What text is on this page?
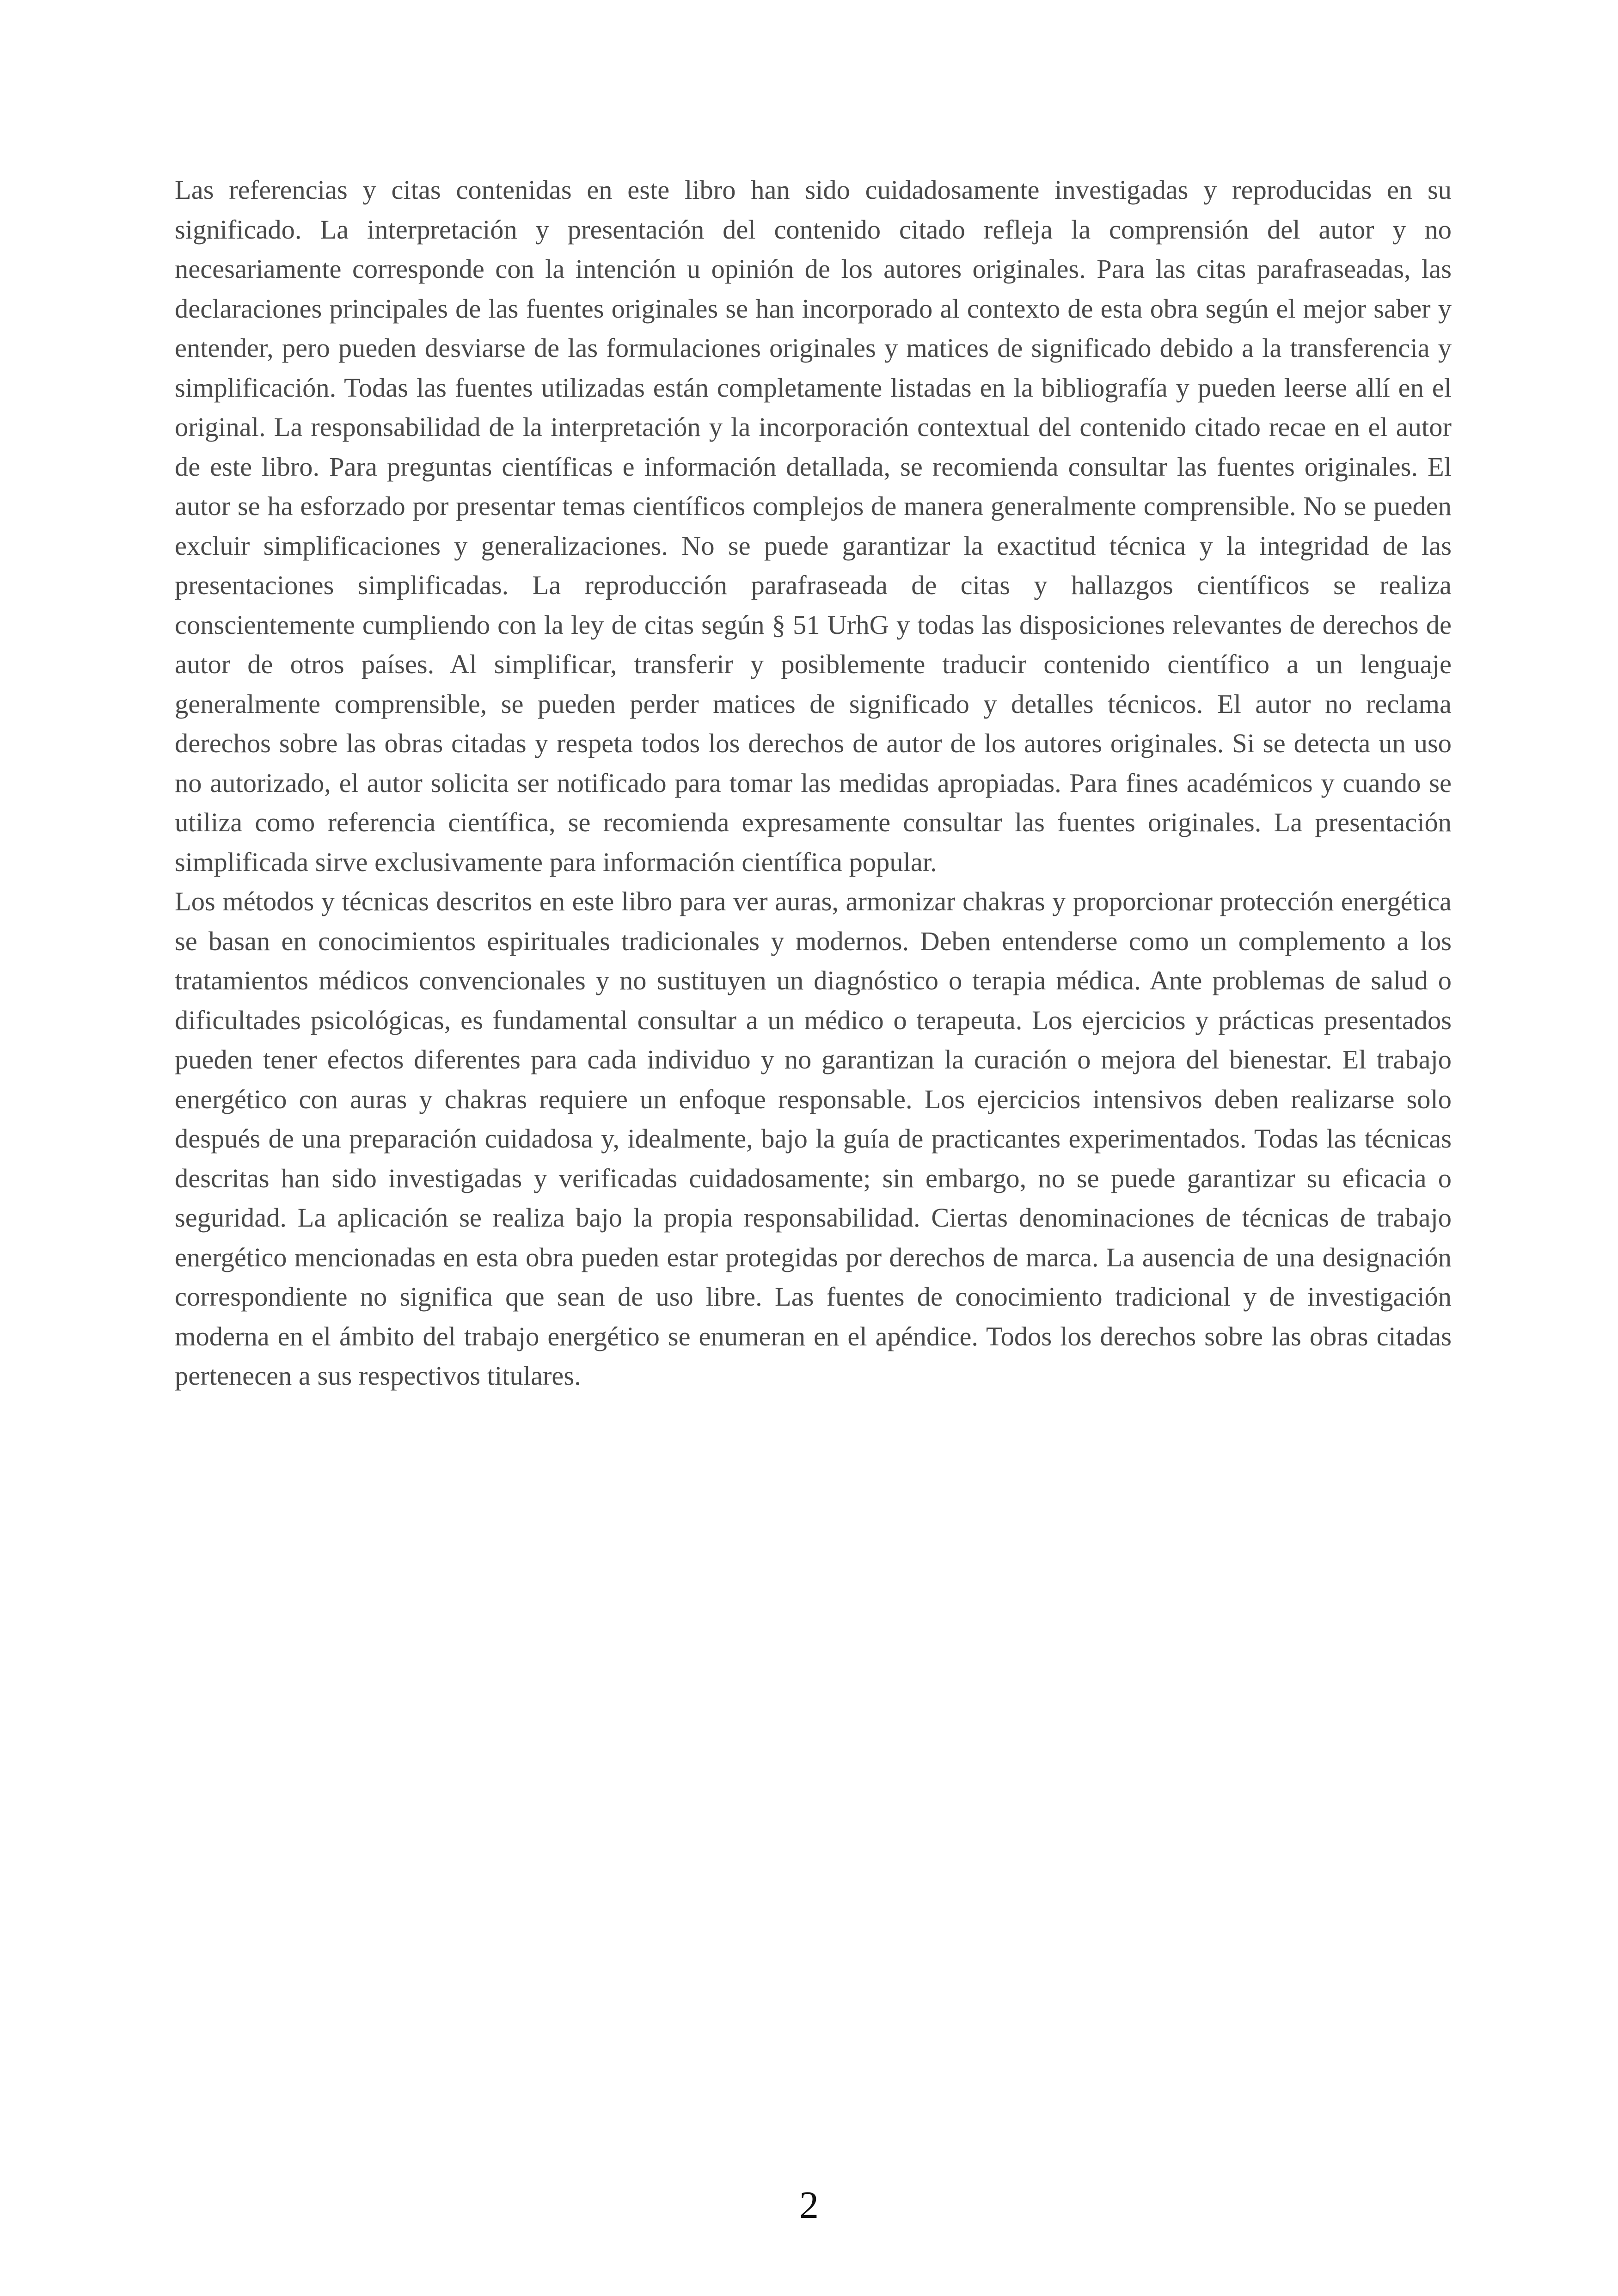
Las referencias y citas contenidas en este libro han sido cuidadosamente investigadas y reproducidas en su significado. La interpretación y presentación del contenido citado refleja la comprensión del autor y no necesariamente corresponde con la intención u opinión de los autores originales. Para las citas parafraseadas, las declaraciones principales de las fuentes originales se han incorporado al contexto de esta obra según el mejor saber y entender, pero pueden desviarse de las formulaciones originales y matices de significado debido a la transferencia y simplificación. Todas las fuentes utilizadas están completamente listadas en la bibliografía y pueden leerse allí en el original. La responsabilidad de la interpretación y la incorporación contextual del contenido citado recae en el autor de este libro. Para preguntas científicas e información detallada, se recomienda consultar las fuentes originales. El autor se ha esforzado por presentar temas científicos complejos de manera generalmente comprensible. No se pueden excluir simplificaciones y generalizaciones. No se puede garantizar la exactitud técnica y la integridad de las presentaciones simplificadas. La reproducción parafraseada de citas y hallazgos científicos se realiza conscientemente cumpliendo con la ley de citas según § 51 UrhG y todas las disposiciones relevantes de derechos de autor de otros países. Al simplificar, transferir y posiblemente traducir contenido científico a un lenguaje generalmente comprensible, se pueden perder matices de significado y detalles técnicos. El autor no reclama derechos sobre las obras citadas y respeta todos los derechos de autor de los autores originales. Si se detecta un uso no autorizado, el autor solicita ser notificado para tomar las medidas apropiadas. Para fines académicos y cuando se utiliza como referencia científica, se recomienda expresamente consultar las fuentes originales. La presentación simplificada sirve exclusivamente para información científica popular.

Los métodos y técnicas descritos en este libro para ver auras, armonizar chakras y proporcionar protección energética se basan en conocimientos espirituales tradicionales y modernos. Deben entenderse como un complemento a los tratamientos médicos convencionales y no sustituyen un diagnóstico o terapia médica. Ante problemas de salud o dificultades psicológicas, es fundamental consultar a un médico o terapeuta. Los ejercicios y prácticas presentados pueden tener efectos diferentes para cada individuo y no garantizan la curación o mejora del bienestar. El trabajo energético con auras y chakras requiere un enfoque responsable. Los ejercicios intensivos deben realizarse solo después de una preparación cuidadosa y, idealmente, bajo la guía de practicantes experimentados. Todas las técnicas descritas han sido investigadas y verificadas cuidadosamente; sin embargo, no se puede garantizar su eficacia o seguridad. La aplicación se realiza bajo la propia responsabilidad. Ciertas denominaciones de técnicas de trabajo energético mencionadas en esta obra pueden estar protegidas por derechos de marca. La ausencia de una designación correspondiente no significa que sean de uso libre. Las fuentes de conocimiento tradicional y de investigación moderna en el ámbito del trabajo energético se enumeran en el apéndice. Todos los derechos sobre las obras citadas pertenecen a sus respectivos titulares.

2
